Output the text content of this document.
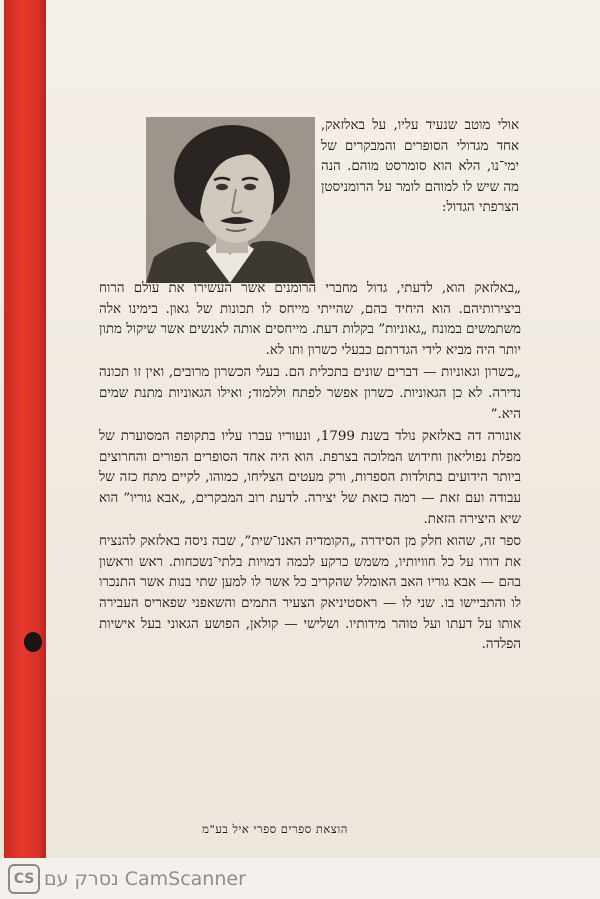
אולי מוטב שנעיד עליו, על באלזאק, אחד מגדולי הסופרים והמבקרים של ימי־נו, הלא הוא סומרסט מוהם. הנה מה שיש לו למוהם לומר על הרומניסטן הצרפתי הגדול:

„באלזאק הוא, לדעתי, גדול מחברי הרומנים אשר העשירו את עולם הרוח ביצירותיהם. הוא היחיד בהם, שהייתי מייחס לו תכונות של גאון. בימינו אלה משתמשים במונח „גאוניות” בקלות דעת. מייחסים אותה לאנשים אשר שיקול מתון יותר היה מביא לידי הגדרתם כבעלי כשרון ותו לא.

„כשרון וגאוניות — דברים שונים בתכלית הם. בעלי הכשרון מרובים, ואין זו תכונה נדירה. לא כן הגאוניות. כשרון אפשר לפתח וללמוד; ואילו הגאוניות מתנת שמים היא.”

אונורה דה באלזאק נולד בשנת 1799, ונעוריו עברו עליו בתקופה המסוערת של מפלת נפוליאון וחידוש המלוכה בצרפת. הוא היה אחד הסופרים הפורים והחרוצים ביותר הידועים בתולדות הספרות, ורק מעטים הצליחו, כמוהו, לקיים מתח כזה של עבודה ועם זאת — רמה כזאת של יצירה. לדעת רוב המבקרים, „אבא גוריו” הוא שיא היצירה הזאת.

ספר זה, שהוא חלק מן הסידרה „הקומדיה האנו־שית”, שבה ניסה באלזאק להנציח את דורו על כל חוויותיו, משמש כרקע לכמה דמויות בלתי־נשכחות. ראש וראשון בהם — אבא גוריו האב האומלל שהקריב כל אשר לו למען שתי בנות אשר התנכרו לו והתביישו בו. שני לו — ראסטיניאק הצעיר התמים והשאפני שפאריס העבירה אותו על דעתו ועל טוהר מידותיו. ושלישי — קולאן, הפושע הגאוני בעל אישיות הפלדה.

הוצאת ספרים ספרי איל בע"מ
CS נסרק עם CamScanner
